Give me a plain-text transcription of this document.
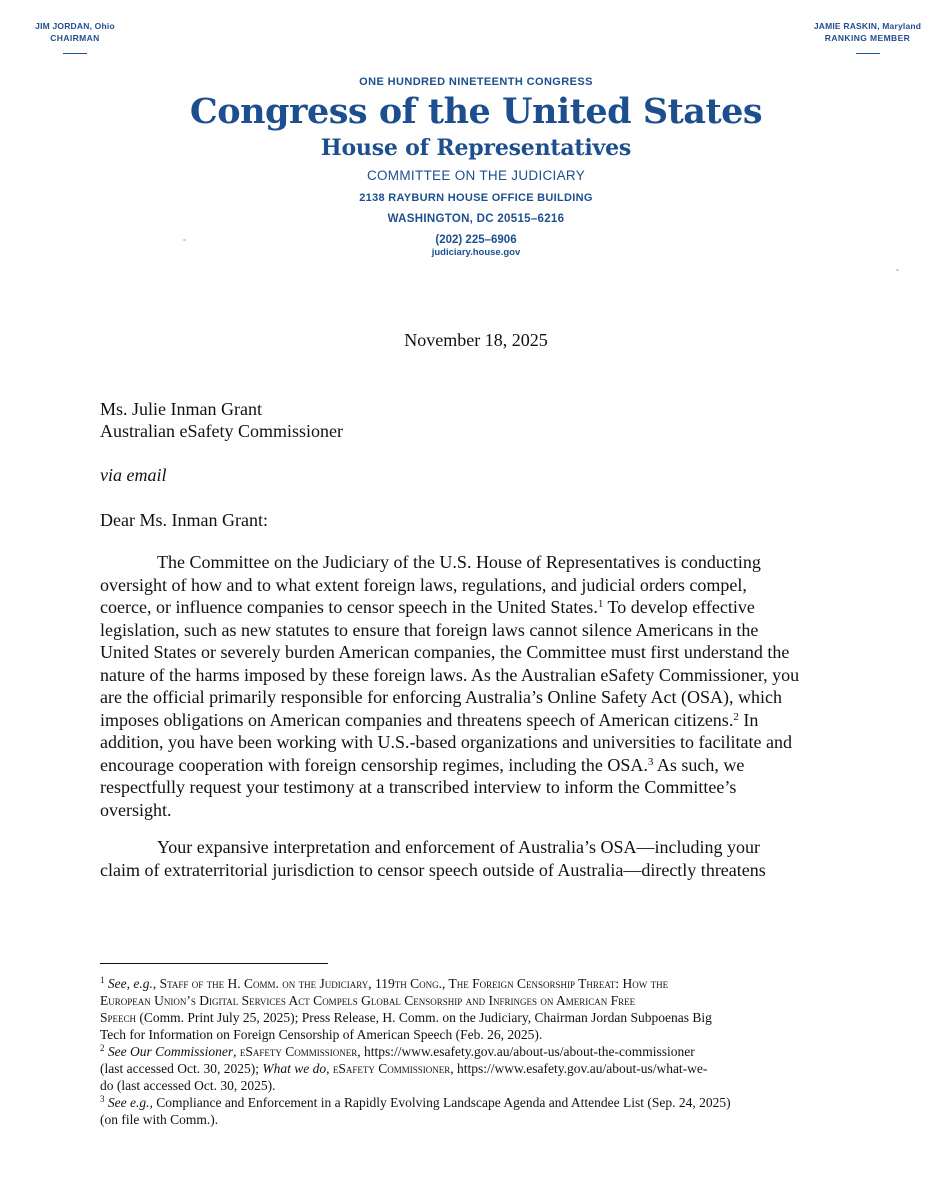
JIM JORDAN, Ohio
CHAIRMAN
JAMIE RASKIN, Maryland
RANKING MEMBER
ONE HUNDRED NINETEENTH CONGRESS
Congress of the United States
House of Representatives
COMMITTEE ON THE JUDICIARY
2138 RAYBURN HOUSE OFFICE BUILDING
WASHINGTON, DC 20515–6216
(202) 225–6906
judiciary.house.gov
November 18, 2025
Ms. Julie Inman Grant
Australian eSafety Commissioner
via email
Dear Ms. Inman Grant:
The Committee on the Judiciary of the U.S. House of Representatives is conducting
oversight of how and to what extent foreign laws, regulations, and judicial orders compel,
coerce, or influence companies to censor speech in the United States.$^1$ To develop effective
legislation, such as new statutes to ensure that foreign laws cannot silence Americans in the
United States or severely burden American companies, the Committee must first understand the
nature of the harms imposed by these foreign laws. As the Australian eSafety Commissioner, you
are the official primarily responsible for enforcing Australia’s Online Safety Act (OSA), which
imposes obligations on American companies and threatens speech of American citizens.$^2$ In
addition, you have been working with U.S.-based organizations and universities to facilitate and
encourage cooperation with foreign censorship regimes, including the OSA.$^3$ As such, we
respectfully request your testimony at a transcribed interview to inform the Committee’s
oversight.
Your expansive interpretation and enforcement of Australia’s OSA—including your
claim of extraterritorial jurisdiction to censor speech outside of Australia—directly threatens
$^1$ See, e.g., Staff of the H. Comm. on the Judiciary, 119th Cong., The Foreign Censorship Threat: How the
European Union’s Digital Services Act Compels Global Censorship and Infringes on American Free
Speech (Comm. Print July 25, 2025); Press Release, H. Comm. on the Judiciary, Chairman Jordan Subpoenas Big
Tech for Information on Foreign Censorship of American Speech (Feb. 26, 2025).
$^2$ See Our Commissioner, eSafety Commissioner, https://www.esafety.gov.au/about-us/about-the-commissioner
(last accessed Oct. 30, 2025); What we do, eSafety Commissioner, https://www.esafety.gov.au/about-us/what-we-
do (last accessed Oct. 30, 2025).
$^3$ See e.g., Compliance and Enforcement in a Rapidly Evolving Landscape Agenda and Attendee List (Sep. 24, 2025)
(on file with Comm.).
